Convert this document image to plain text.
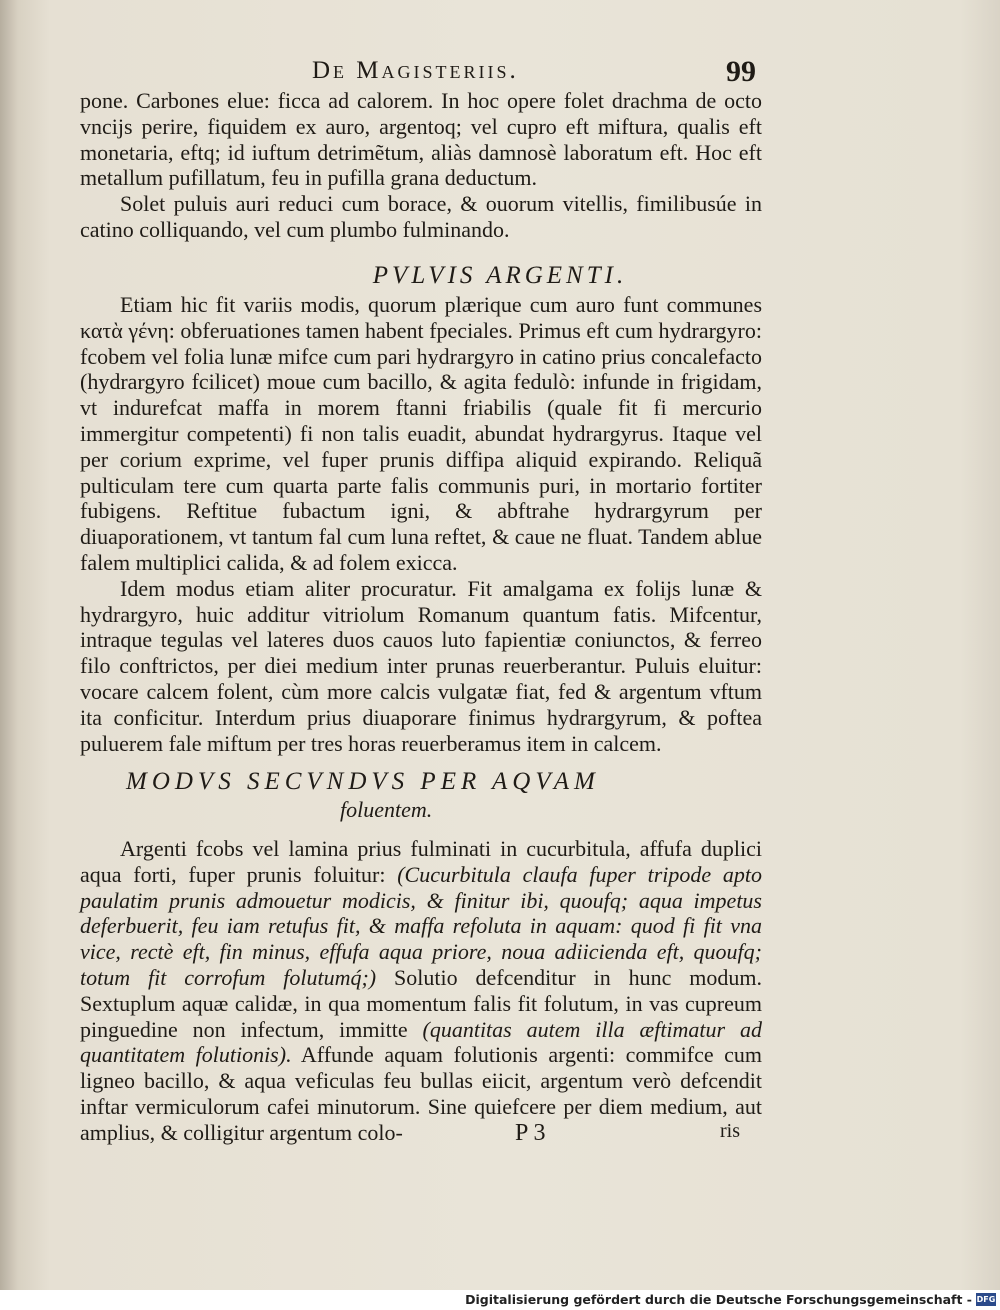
De Magisteriis.	99

pone. Carbones elue: ficca ad calorem. In hoc opere folet drachma de octo vncijs perire, fiquidem ex auro, argentoq; vel cupro eft miftura, qualis eft monetaria, eftq; id iuftum detrimẽtum, aliàs damnosè laboratum eft. Hoc eft metallum pufillatum, feu in pufilla grana deductum.

Solet puluis auri reduci cum borace, & ouorum vitellis, fimilibusúe in catino colliquando, vel cum plumbo fulminando.

PVLVIS ARGENTI.

Etiam hic fit variis modis, quorum plærique cum auro funt communes κατὰ γένη: obferuationes tamen habent fpeciales. Primus eft cum hydrargyro: fcobem vel folia lunæ mifce cum pari hydrargyro in catino prius concalefacto (hydrargyro fcilicet) moue cum bacillo, & agita fedulò: infunde in frigidam, vt indurefcat maffa in morem ftanni friabilis (quale fit fi mercurio immergitur competenti) fi non talis euadit, abundat hydrargyrus. Itaque vel per corium exprime, vel fuper prunis diffipa aliquid expirando. Reliquã pulticulam tere cum quarta parte falis communis puri, in mortario fortiter fubigens. Reftitue fubactum igni, & abftrahe hydrargyrum per diuaporationem, vt tantum fal cum luna reftet, & caue ne fluat. Tandem ablue falem multiplici calida, & ad folem exicca.

Idem modus etiam aliter procuratur. Fit amalgama ex folijs lunæ & hydrargyro, huic additur vitriolum Romanum quantum fatis. Mifcentur, intraque tegulas vel lateres duos cauos luto fapientiæ coniunctos, & ferreo filo conftrictos, per diei medium inter prunas reuerberantur. Puluis eluitur: vocare calcem folent, cùm more calcis vulgatæ fiat, fed & argentum vftum ita conficitur. Interdum prius diuaporare finimus hydrargyrum, & poftea puluerem fale miftum per tres horas reuerberamus item in calcem.

MODVS SECVNDVS PER AQVAM
foluentem.

Argenti fcobs vel lamina prius fulminati in cucurbitula, affufa duplici aqua forti, fuper prunis foluitur: (Cucurbitula claufa fuper tripode apto paulatim prunis admouetur modicis, & finitur ibi, quoufq; aqua impetus deferbuerit, feu iam retufus fit, & maffa refoluta in aquam: quod fi fit vna vice, rectè eft, fin minus, effufa aqua priore, noua adiicienda eft, quoufq; totum fit corrofum folutumq́;) Solutio defcenditur in hunc modum. Sextuplum aquæ calidæ, in qua momentum falis fit folutum, in vas cupreum pinguedine non infectum, immitte (quantitas autem illa æftimatur ad quantitatem folutionis). Affunde aquam folutionis argenti: commifce cum ligneo bacillo, & aqua veficulas feu bullas eiicit, argentum verò defcendit inftar vermiculorum cafei minutorum. Sine quiefcere per diem medium, aut amplius, & colligitur argentum colo-	P 3	ris
Digitalisierung gefördert durch die Deutsche Forschungsgemeinschaft - DFG
